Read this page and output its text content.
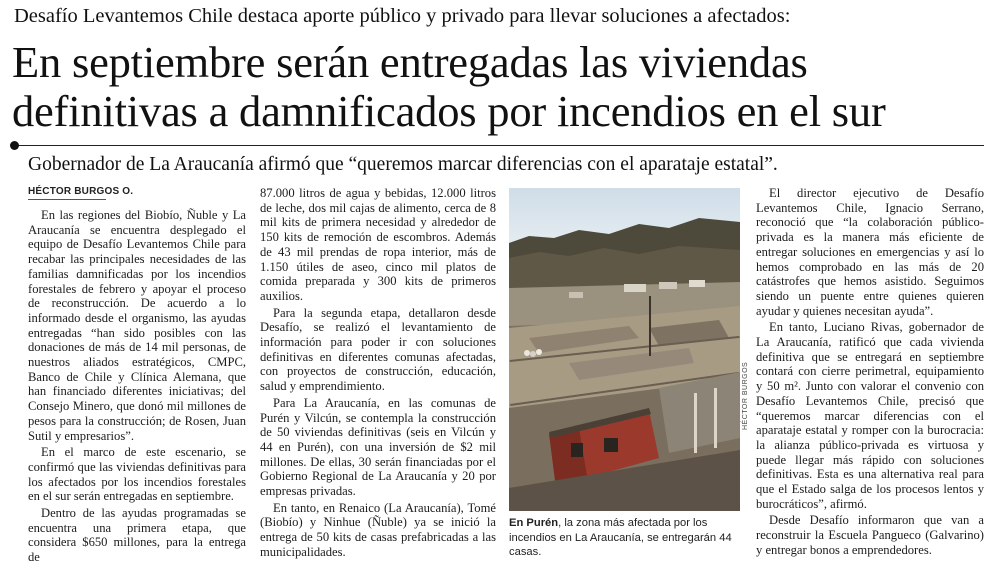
Desafío Levantemos Chile destaca aporte público y privado para llevar soluciones a afectados:
En septiembre serán entregadas las viviendas
definitivas a damnificados por incendios en el sur
Gobernador de La Araucanía afirmó que “queremos marcar diferencias con el aparataje estatal”.
HÉCTOR BURGOS O.

En las regiones del Biobío, Ñuble y La Araucanía se encuentra desplegado el equipo de Desafío Levantemos Chile para recabar las principales necesidades de las familias damnificadas por los incendios forestales de febrero y apoyar el proceso de reconstrucción. De acuerdo a lo informado desde el organismo, las ayudas entregadas “han sido posibles con las donaciones de más de 14 mil personas, de nuestros aliados estratégicos, CMPC, Banco de Chile y Clínica Alemana, que han financiado diferentes iniciativas; del Consejo Minero, que donó mil millones de pesos para la construcción; de Rosen, Juan Sutil y empresarios”.

En el marco de este escenario, se confirmó que las viviendas definitivas para los afectados por los incendios forestales en el sur serán entregadas en septiembre.

Dentro de las ayudas programadas se encuentra una primera etapa, que considera $650 millones, para la entrega de

87.000 litros de agua y bebidas, 12.000 litros de leche, dos mil cajas de alimento, cerca de 8 mil kits de primera necesidad y alrededor de 150 kits de remoción de escombros. Además de 43 mil prendas de ropa interior, más de 1.150 útiles de aseo, cinco mil platos de comida preparada y 300 kits de primeros auxilios.

Para la segunda etapa, detallaron desde Desafío, se realizó el levantamiento de información para poder ir con soluciones definitivas en diferentes comunas afectadas, con proyectos de construcción, educación, salud y emprendimiento.

Para La Araucanía, en las comunas de Purén y Vilcún, se contempla la construcción de 50 viviendas definitivas (seis en Vilcún y 44 en Purén), con una inversión de $2 mil millones. De ellas, 30 serán financiadas por el Gobierno Regional de La Araucanía y 20 por empresas privadas.

En tanto, en Renaico (La Araucanía), Tomé (Biobío) y Ninhue (Ñuble) ya se inició la entrega de 50 kits de casas prefabricadas a las municipalidades.

HÉCTOR BURGOS
En Purén, la zona más afectada por los incendios en La Araucanía, se entregarán 44 casas.

El director ejecutivo de Desafío Levantemos Chile, Ignacio Serrano, reconoció que “la colaboración público-privada es la manera más eficiente de entregar soluciones en emergencias y así lo hemos comprobado en las más de 20 catástrofes que hemos asistido. Seguimos siendo un puente entre quienes quieren ayudar y quienes necesitan ayuda”.

En tanto, Luciano Rivas, gobernador de La Araucanía, ratificó que cada vivienda definitiva que se entregará en septiembre contará con cierre perimetral, equipamiento y 50 m². Junto con valorar el convenio con Desafío Levantemos Chile, precisó que “queremos marcar diferencias con el aparataje estatal y romper con la burocracia: la alianza público-privada es virtuosa y puede llegar más rápido con soluciones definitivas. Esta es una alternativa real para que el Estado salga de los procesos lentos y burocráticos”, afirmó.

Desde Desafío informaron que van a reconstruir la Escuela Pangueco (Galvarino) y entregar bonos a emprendedores.
